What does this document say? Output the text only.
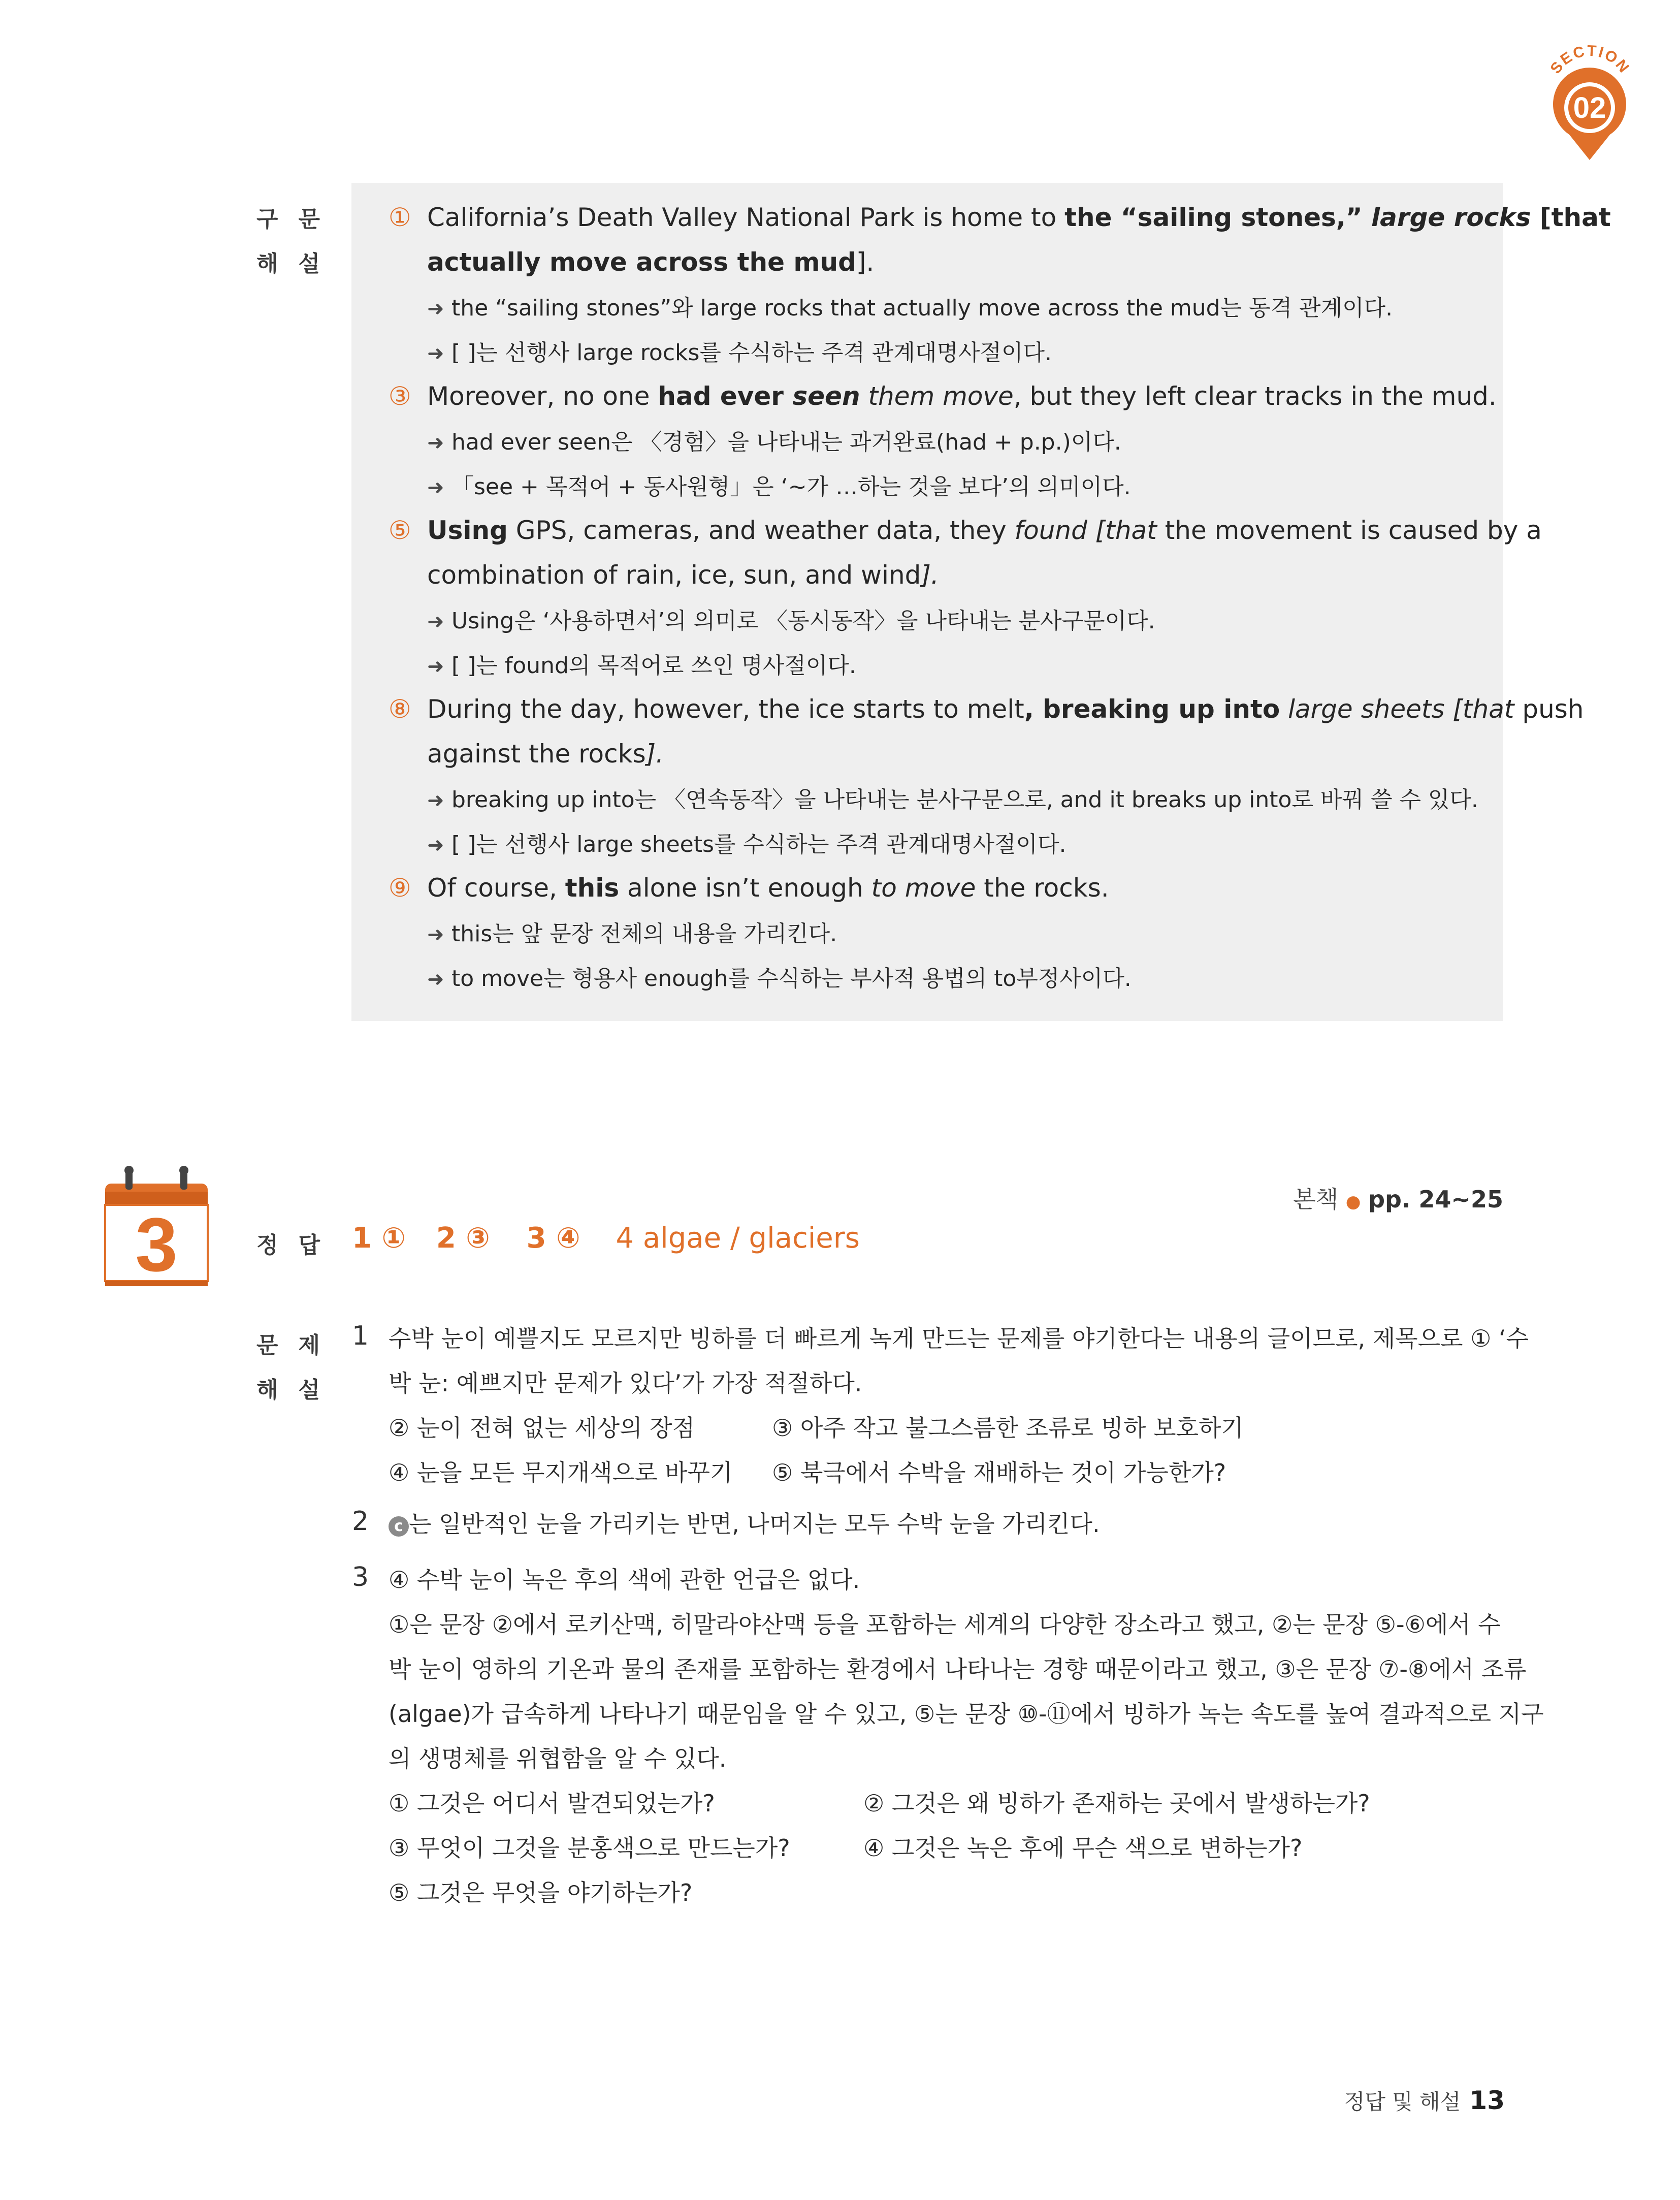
SECTION
02
구문
해설
① California’s Death Valley National Park is home to the “sailing stones,” large rocks [that
actually move across the mud].
➜ the “sailing stones”와 large rocks that actually move across the mud는 동격 관계이다.
➜ [ ]는 선행사 large rocks를 수식하는 주격 관계대명사절이다.
③ Moreover, no one had ever seen them move, but they left clear tracks in the mud.
➜ had ever seen은 〈경험〉을 나타내는 과거완료(had + p.p.)이다.
➜ 「see + 목적어 + 동사원형」은 ‘~가 …하는 것을 보다’의 의미이다.
⑤ Using GPS, cameras, and weather data, they found [that the movement is caused by a
combination of rain, ice, sun, and wind].
➜ Using은 ‘사용하면서’의 의미로 〈동시동작〉을 나타내는 분사구문이다.
➜ [ ]는 found의 목적어로 쓰인 명사절이다.
⑧ During the day, however, the ice starts to melt, breaking up into large sheets [that push
against the rocks].
➜ breaking up into는 〈연속동작〉을 나타내는 분사구문으로, and it breaks up into로 바꿔 쓸 수 있다.
➜ [ ]는 선행사 large sheets를 수식하는 주격 관계대명사절이다.
⑨ Of course, this alone isn’t enough to move the rocks.
➜ this는 앞 문장 전체의 내용을 가리킨다.
➜ to move는 형용사 enough를 수식하는 부사적 용법의 to부정사이다.
3
본책 ● pp. 24~25
정답 1 ① 2 ③ 3 ④ 4 algae / glaciers
문제
해설
1 수박 눈이 예쁠지도 모르지만 빙하를 더 빠르게 녹게 만드는 문제를 야기한다는 내용의 글이므로, 제목으로 ① ‘수
박 눈: 예쁘지만 문제가 있다’가 가장 적절하다.
② 눈이 전혀 없는 세상의 장점	③ 아주 작고 불그스름한 조류로 빙하 보호하기
④ 눈을 모든 무지개색으로 바꾸기 ⑤ 북극에서 수박을 재배하는 것이 가능한가?
2	c 는 일반적인 눈을 가리키는 반면, 나머지는 모두 수박 눈을 가리킨다.
3 ④ 수박 눈이 녹은 후의 색에 관한 언급은 없다.
①은 문장 ②에서 로키산맥, 히말라야산맥 등을 포함하는 세계의 다양한 장소라고 했고, ②는 문장 ⑤-⑥에서 수
박 눈이 영하의 기온과 물의 존재를 포함하는 환경에서 나타나는 경향 때문이라고 했고, ③은 문장 ⑦-⑧에서 조류
(algae)가 급속하게 나타나기 때문임을 알 수 있고, ⑤는 문장 ⑩-⑪에서 빙하가 녹는 속도를 높여 결과적으로 지구
의 생명체를 위협함을 알 수 있다.
① 그것은 어디서 발견되었는가?	② 그것은 왜 빙하가 존재하는 곳에서 발생하는가?
③ 무엇이 그것을 분홍색으로 만드는가?	④ 그것은 녹은 후에 무슨 색으로 변하는가?
⑤ 그것은 무엇을 야기하는가?
정답 및 해설 13
